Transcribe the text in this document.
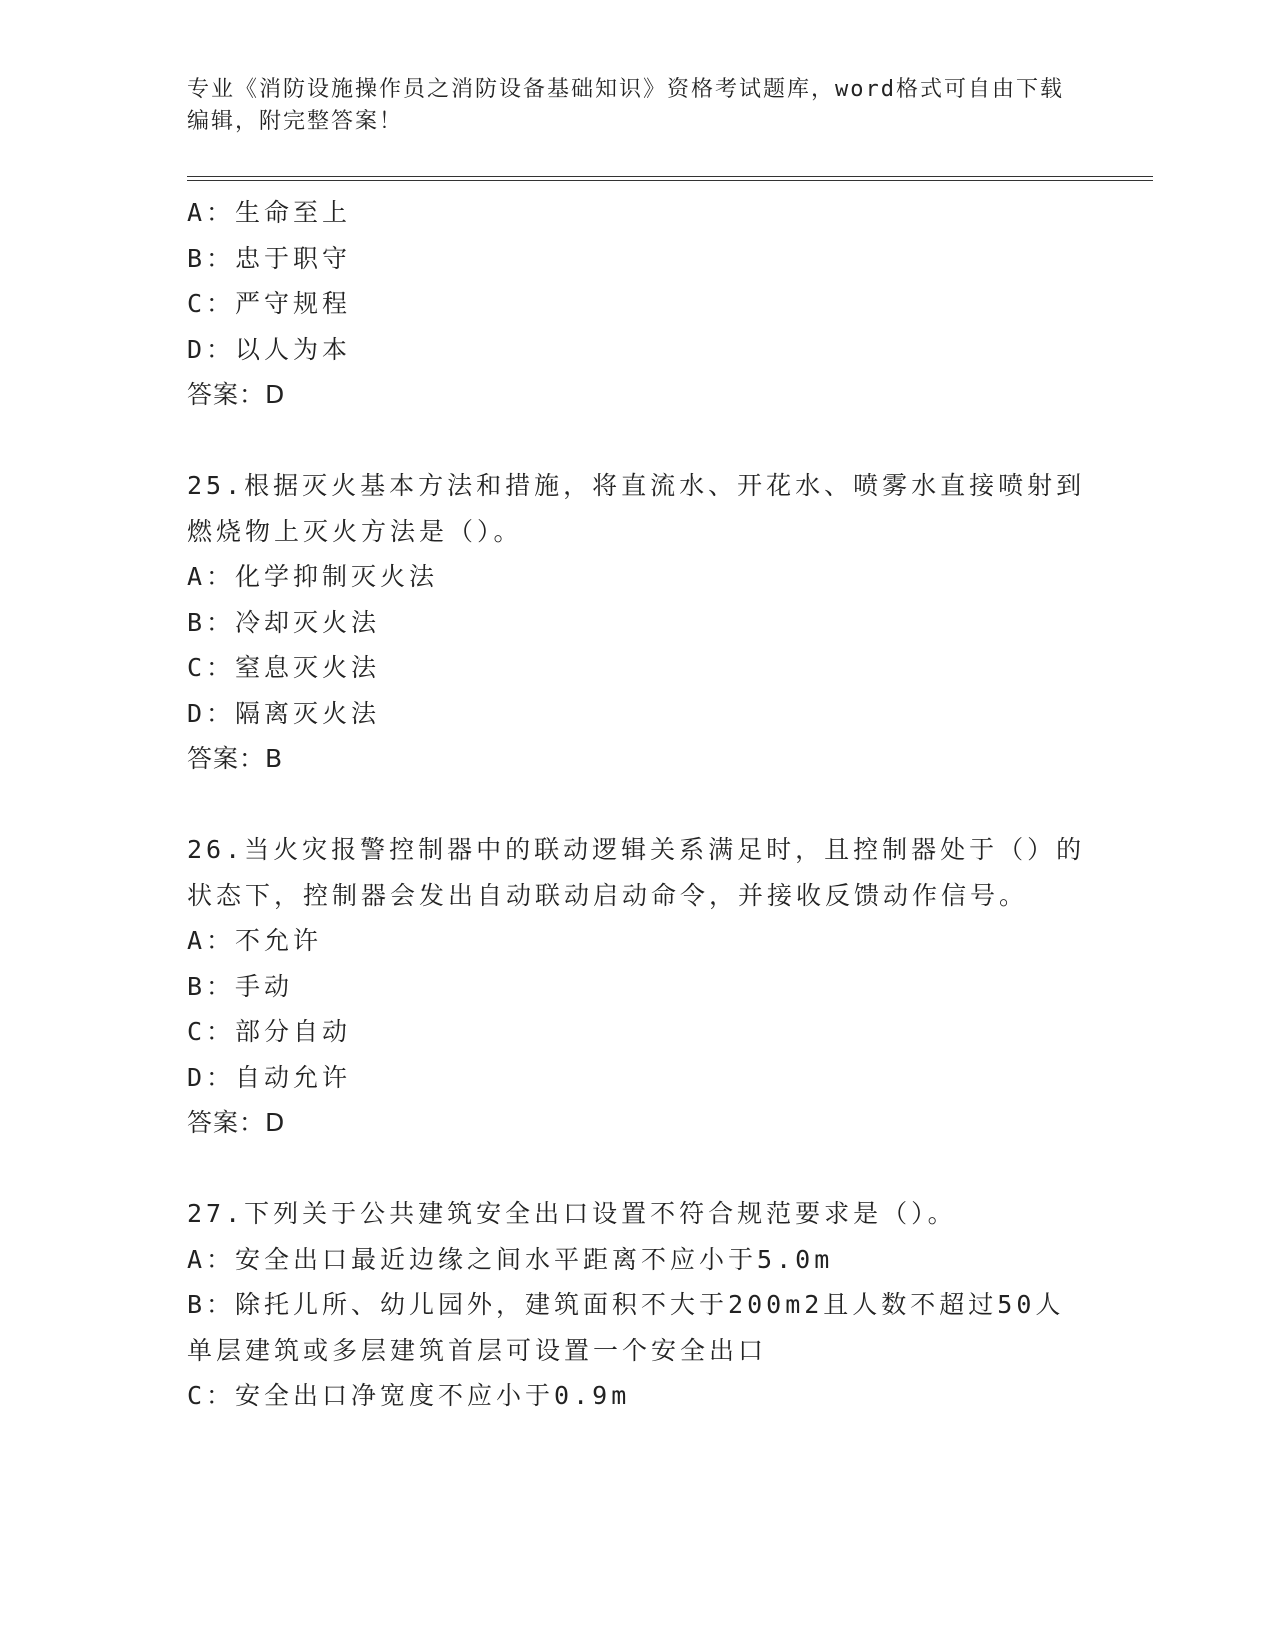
专业《消防设施操作员之消防设备基础知识》资格考试题库，word格式可自由下载编辑，附完整答案！
A：生命至上
B：忠于职守
C：严守规程
D：以人为本
答案：D
25.根据灭火基本方法和措施，将直流水、开花水、喷雾水直接喷射到
燃烧物上灭火方法是（）。
A：化学抑制灭火法
B：冷却灭火法
C：窒息灭火法
D：隔离灭火法
答案：B
26.当火灾报警控制器中的联动逻辑关系满足时，且控制器处于（）的
状态下，控制器会发出自动联动启动命令，并接收反馈动作信号。
A：不允许
B：手动
C：部分自动
D：自动允许
答案：D
27.下列关于公共建筑安全出口设置不符合规范要求是（）。
A：安全出口最近边缘之间水平距离不应小于5.0m
B：除托儿所、幼儿园外，建筑面积不大于200m2且人数不超过50人
单层建筑或多层建筑首层可设置一个安全出口
C：安全出口净宽度不应小于0.9m
